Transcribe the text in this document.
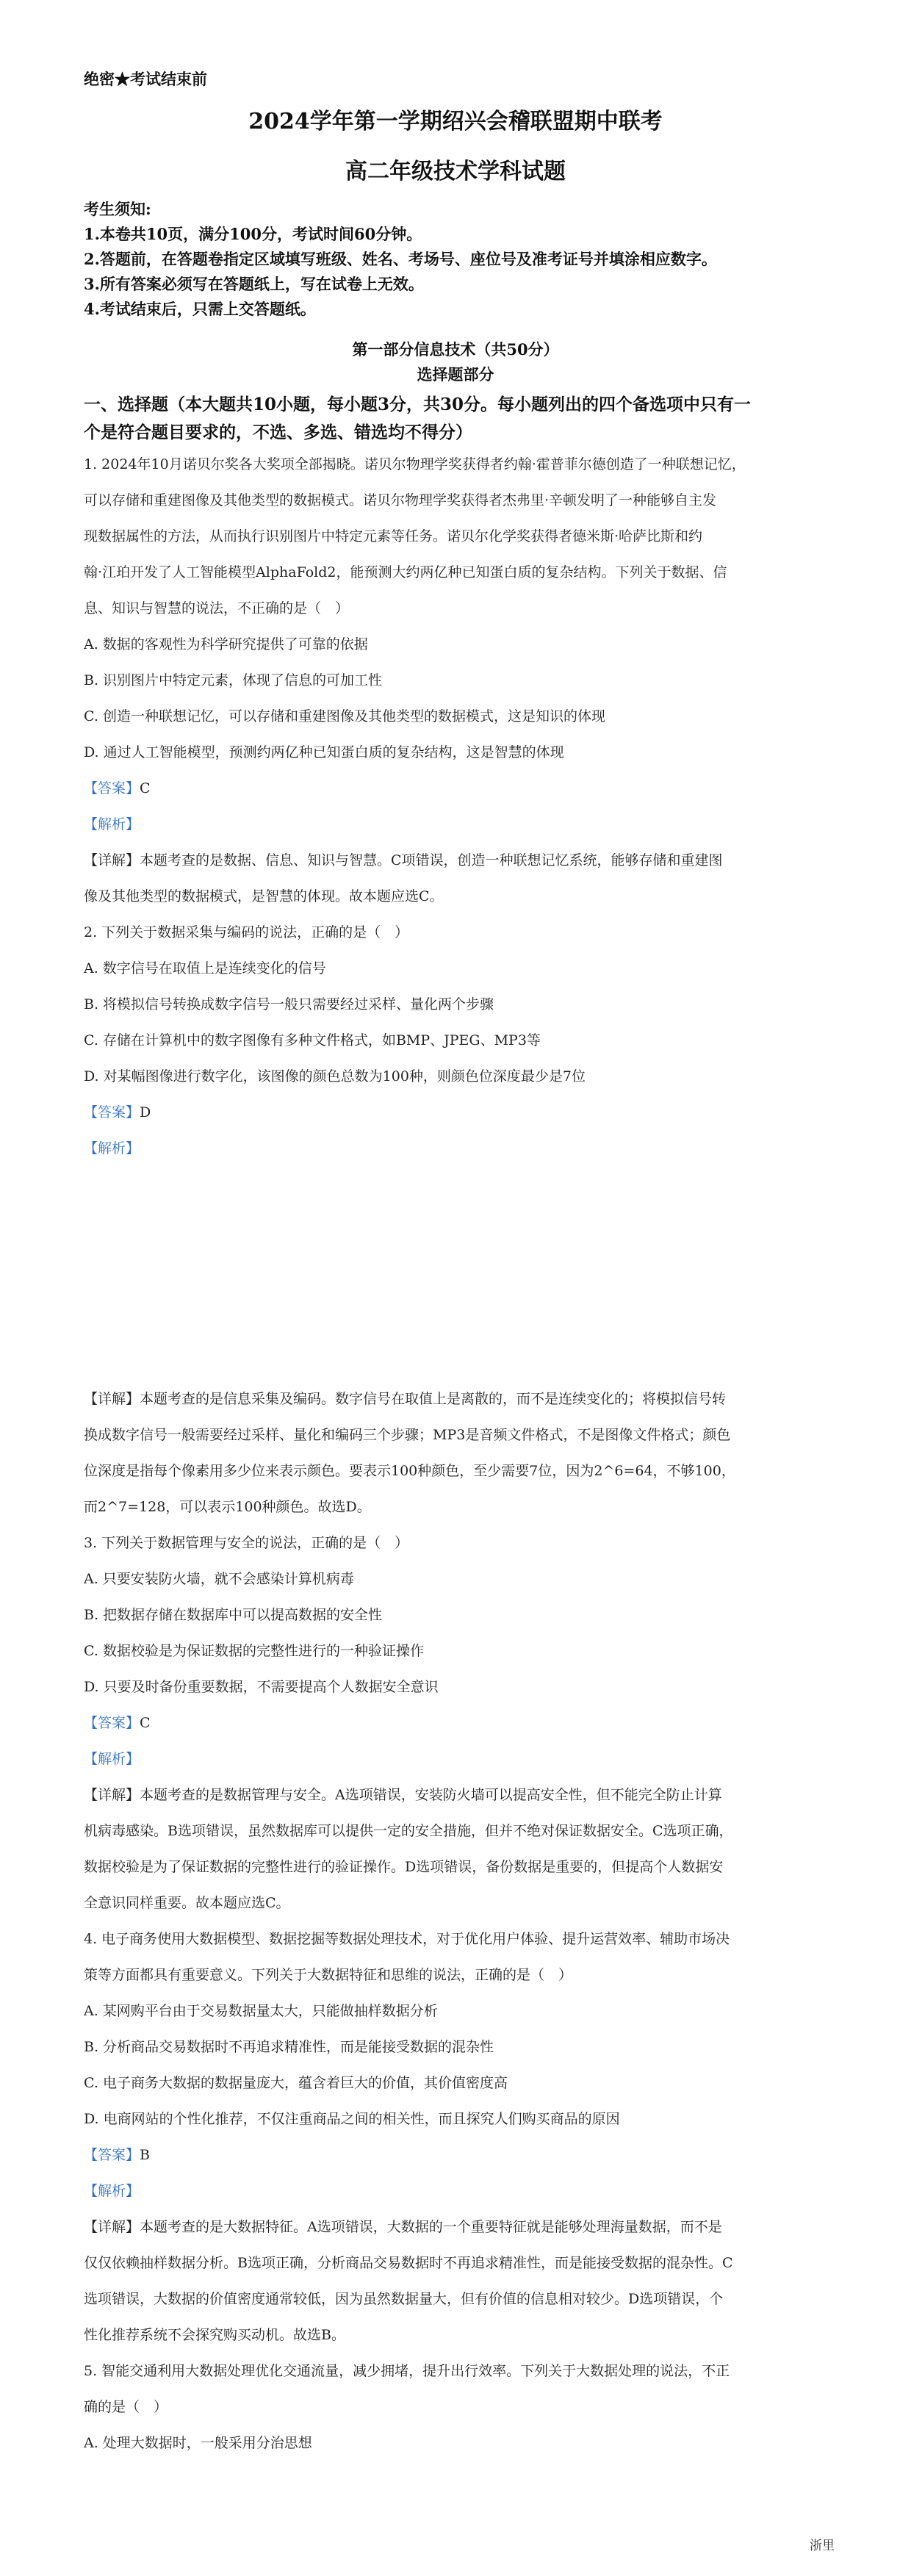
绝密★考试结束前
2024学年第一学期绍兴会稽联盟期中联考
高二年级技术学科试题
考生须知:
1.本卷共10页，满分100分，考试时间60分钟。
2.答题前，在答题卷指定区域填写班级、姓名、考场号、座位号及准考证号并填涂相应数字。
3.所有答案必须写在答题纸上，写在试卷上无效。
4.考试结束后，只需上交答题纸。
第一部分信息技术（共50分）
选择题部分
一、选择题（本大题共10小题，每小题3分，共30分。每小题列出的四个备选项中只有一
个是符合题目要求的，不选、多选、错选均不得分）
1. 2024年10月诺贝尔奖各大奖项全部揭晓。诺贝尔物理学奖获得者约翰·霍普菲尔德创造了一种联想记忆，
可以存储和重建图像及其他类型的数据模式。诺贝尔物理学奖获得者杰弗里·辛顿发明了一种能够自主发
现数据属性的方法，从而执行识别图片中特定元素等任务。诺贝尔化学奖获得者德米斯·哈萨比斯和约
翰·江珀开发了人工智能模型AlphaFold2，能预测大约两亿种已知蛋白质的复杂结构。下列关于数据、信
息、知识与智慧的说法，不正确的是（　）
A. 数据的客观性为科学研究提供了可靠的依据
B. 识别图片中特定元素，体现了信息的可加工性
C. 创造一种联想记忆，可以存储和重建图像及其他类型的数据模式，这是知识的体现
D. 通过人工智能模型，预测约两亿种已知蛋白质的复杂结构，这是智慧的体现
【答案】C
【解析】
【详解】本题考查的是数据、信息、知识与智慧。C项错误，创造一种联想记忆系统，能够存储和重建图
像及其他类型的数据模式，是智慧的体现。故本题应选C。
2. 下列关于数据采集与编码的说法，正确的是（　）
A. 数字信号在取值上是连续变化的信号
B. 将模拟信号转换成数字信号一般只需要经过采样、量化两个步骤
C. 存储在计算机中的数字图像有多种文件格式，如BMP、JPEG、MP3等
D. 对某幅图像进行数字化，该图像的颜色总数为100种，则颜色位深度最少是7位
【答案】D
【解析】
【详解】本题考查的是信息采集及编码。数字信号在取值上是离散的，而不是连续变化的；将模拟信号转
换成数字信号一般需要经过采样、量化和编码三个步骤；MP3是音频文件格式，不是图像文件格式；颜色
位深度是指每个像素用多少位来表示颜色。要表示100种颜色，至少需要7位，因为2^6=64，不够100，
而2^7=128，可以表示100种颜色。故选D。
3. 下列关于数据管理与安全的说法，正确的是（　）
A. 只要安装防火墙，就不会感染计算机病毒
B. 把数据存储在数据库中可以提高数据的安全性
C. 数据校验是为保证数据的完整性进行的一种验证操作
D. 只要及时备份重要数据，不需要提高个人数据安全意识
【答案】C
【解析】
【详解】本题考查的是数据管理与安全。A选项错误，安装防火墙可以提高安全性，但不能完全防止计算
机病毒感染。B选项错误，虽然数据库可以提供一定的安全措施，但并不绝对保证数据安全。C选项正确，
数据校验是为了保证数据的完整性进行的验证操作。D选项错误，备份数据是重要的，但提高个人数据安
全意识同样重要。故本题应选C。
4. 电子商务使用大数据模型、数据挖掘等数据处理技术，对于优化用户体验、提升运营效率、辅助市场决
策等方面都具有重要意义。下列关于大数据特征和思维的说法，正确的是（　）
A. 某网购平台由于交易数据量太大，只能做抽样数据分析
B. 分析商品交易数据时不再追求精准性，而是能接受数据的混杂性
C. 电子商务大数据的数据量庞大，蕴含着巨大的价值，其价值密度高
D. 电商网站的个性化推荐，不仅注重商品之间的相关性，而且探究人们购买商品的原因
【答案】B
【解析】
【详解】本题考查的是大数据特征。A选项错误，大数据的一个重要特征就是能够处理海量数据，而不是
仅仅依赖抽样数据分析。B选项正确，分析商品交易数据时不再追求精准性，而是能接受数据的混杂性。C
选项错误，大数据的价值密度通常较低，因为虽然数据量大，但有价值的信息相对较少。D选项错误，个
性化推荐系统不会探究购买动机。故选B。
5. 智能交通利用大数据处理优化交通流量，减少拥堵，提升出行效率。下列关于大数据处理的说法，不正
确的是（　）
A. 处理大数据时，一般采用分治思想
浙里
